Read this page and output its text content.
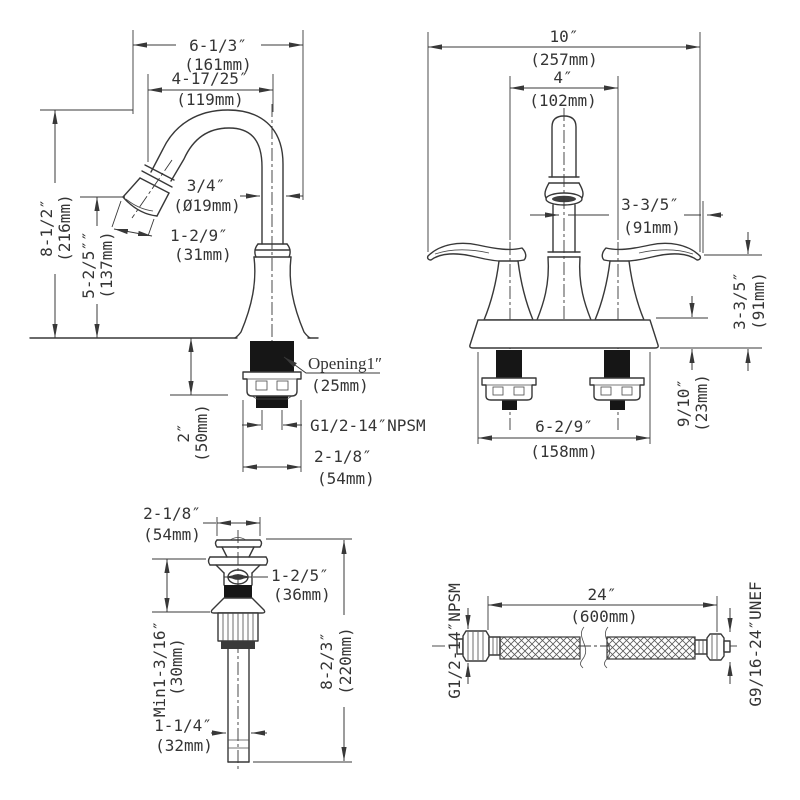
6-1/3″
(161mm)
4-17/25″
(119mm)
3/4″
(Ø19mm)
1-2/9″
(31mm)
8-1/2″ (216mm)
5-2/5″″ (137mm)
2″ (50mm)
Opening1″
(25mm)
G1/2-14″NPSM
2-1/8″
(54mm)
10″
(257mm)
4″
(102mm)
3-3/5″
(91mm)
3-3/5″ (91mm)
9/10″ (23mm)
6-2/9″
(158mm)
2-1/8″
(54mm)
1-2/5″
(36mm)
Min1-3/16″
(30mm)	8-2/3″ (220mm)
1-1/4″
(32mm)
24″
(600mm)
G1/2-14″NPSM	G9/16-24″UNEF
